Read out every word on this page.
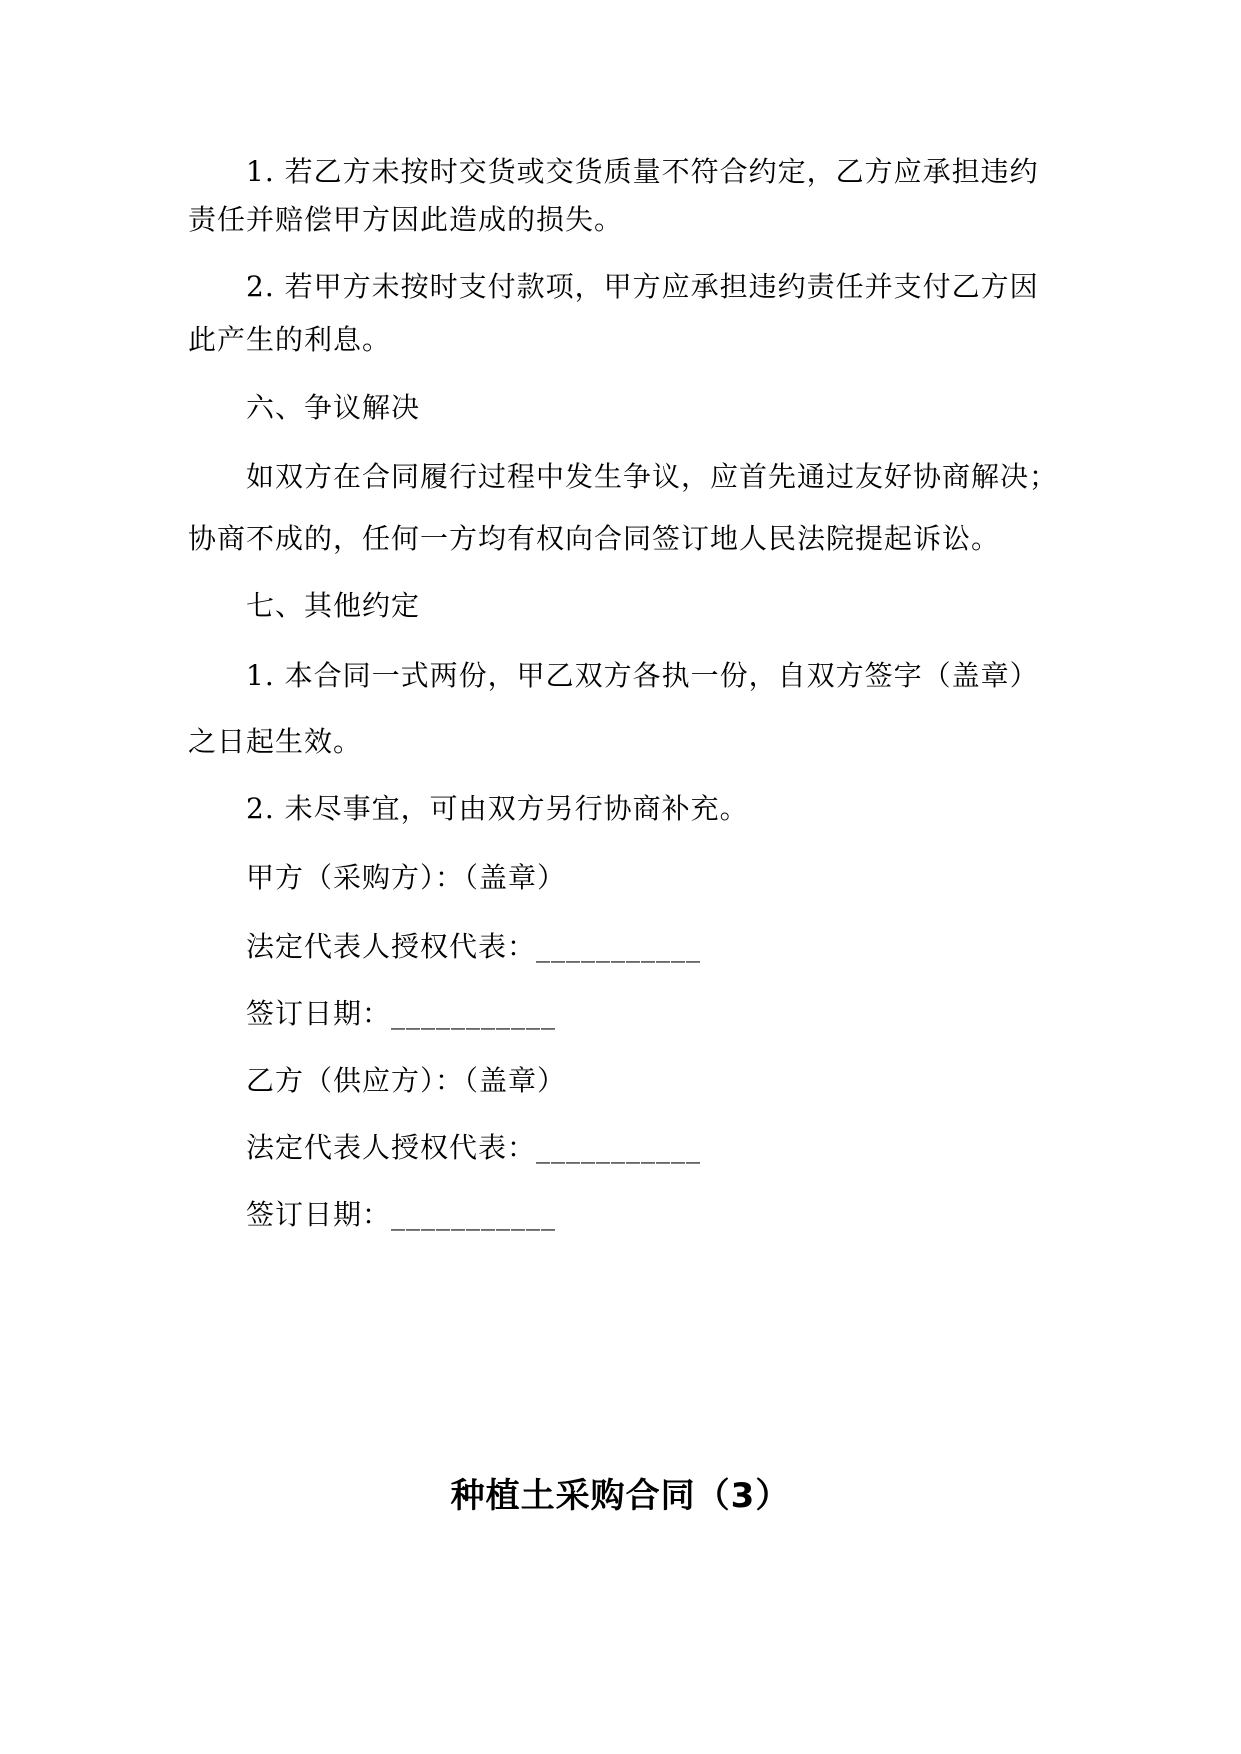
1. 若乙方未按时交货或交货质量不符合约定，乙方应承担违约
责任并赔偿甲方因此造成的损失。
2. 若甲方未按时支付款项，甲方应承担违约责任并支付乙方因
此产生的利息。
六、争议解决
如双方在合同履行过程中发生争议，应首先通过友好协商解决；
协商不成的，任何一方均有权向合同签订地人民法院提起诉讼。
七、其他约定
1. 本合同一式两份，甲乙双方各执一份，自双方签字（盖章）
之日起生效。
2. 未尽事宜，可由双方另行协商补充。
甲方（采购方）：（盖章）
法定代表人授权代表：___________
签订日期：___________
乙方（供应方）：（盖章）
法定代表人授权代表：___________
签订日期：___________
种植土采购合同（3）
